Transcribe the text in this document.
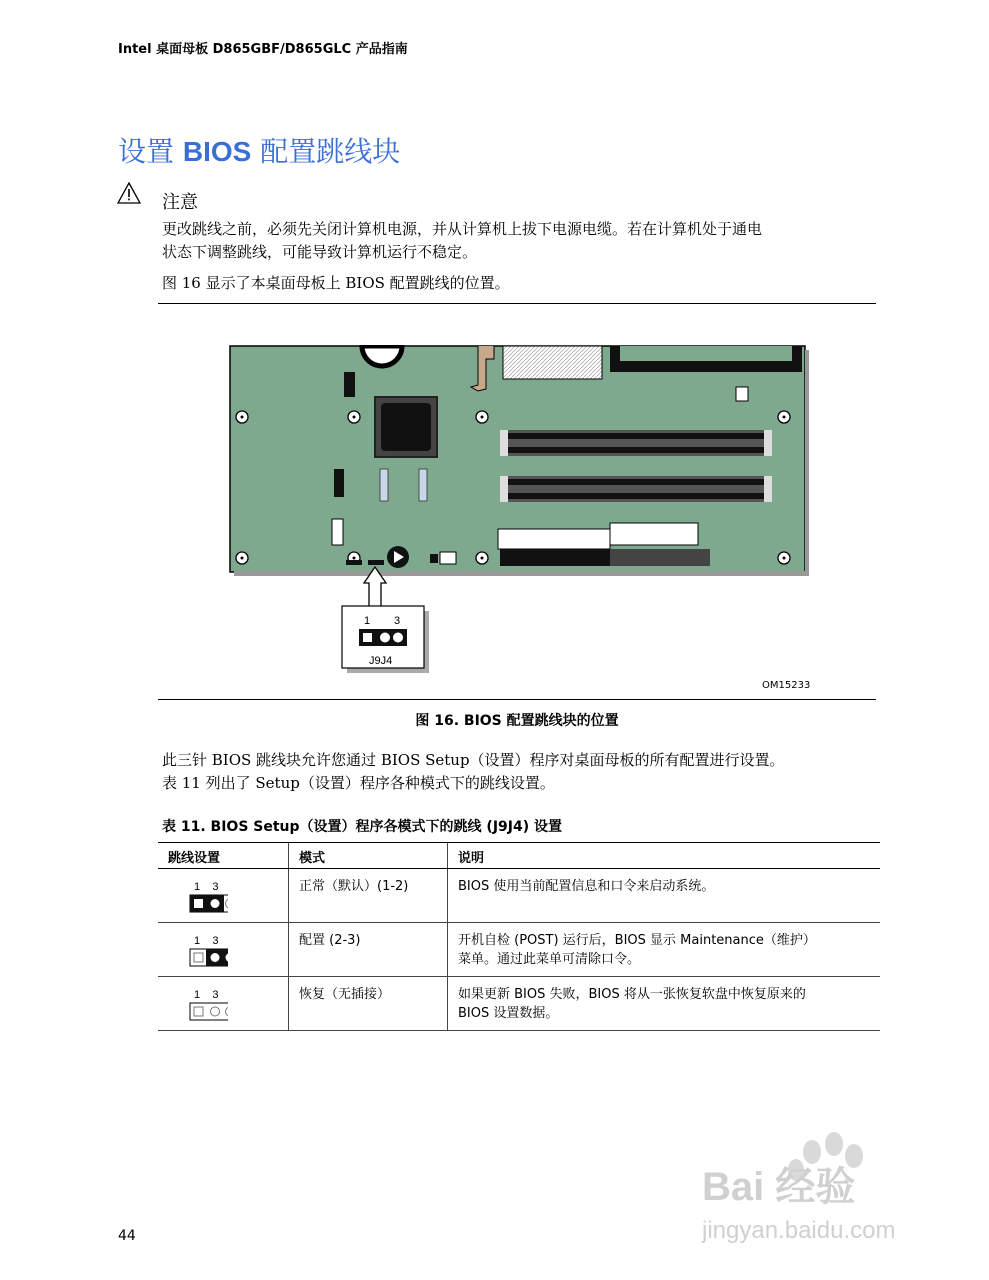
Intel 桌面母板 D865GBF/D865GLC 产品指南
设置 BIOS 配置跳线块
注意
更改跳线之前，必须先关闭计算机电源，并从计算机上拔下电源电缆。若在计算机处于通电
状态下调整跳线，可能导致计算机运行不稳定。
图 16 显示了本桌面母板上 BIOS 配置跳线的位置。
1 3
J9J4
OM15233
图 16. BIOS 配置跳线块的位置
此三针 BIOS 跳线块允许您通过 BIOS Setup（设置）程序对桌面母板的所有配置进行设置。
表 11 列出了 Setup（设置）程序各种模式下的跳线设置。
表 11. BIOS Setup（设置）程序各模式下的跳线 (J9J4) 设置
跳线设置	模式	说明

1    3	正常（默认）(1-2)	BIOS 使用当前配置信息和口令来启动系统。

1    3	配置 (2-3)	开机自检 (POST) 运行后，BIOS 显示 Maintenance（维护）
菜单。通过此菜单可清除口令。

1    3	恢复（无插接）	如果更新 BIOS 失败，BIOS 将从一张恢复软盘中恢复原来的
BIOS 设置数据。
44
Bai 经验
jingyan.baidu.com
